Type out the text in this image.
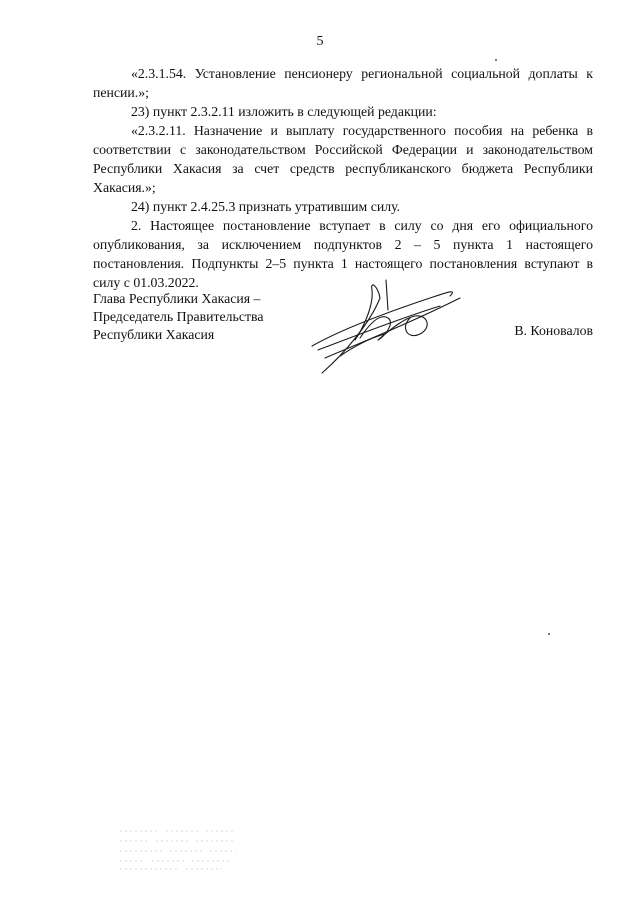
5

«2.3.1.54. Установление пенсионеру региональной социальной доплаты к пенсии.»;

23) пункт 2.3.2.11 изложить в следующей редакции:

«2.3.2.11. Назначение и выплату государственного пособия на ребенка в соответствии с законодательством Российской Федерации и законодательством Республики Хакасия за счет средств республиканского бюджета Республики Хакасия.»;

24) пункт 2.4.25.3 признать утратившим силу.

2. Настоящее постановление вступает в силу со дня его официального опубликования, за исключением подпунктов 2 – 5 пункта 1 настоящего постановления. Подпункты 2–5 пункта 1 настоящего постановления вступают в силу с 01.03.2022.

Глава Республики Хакасия –
Председатель Правительства
Республики Хакасия	В. Коновалов
